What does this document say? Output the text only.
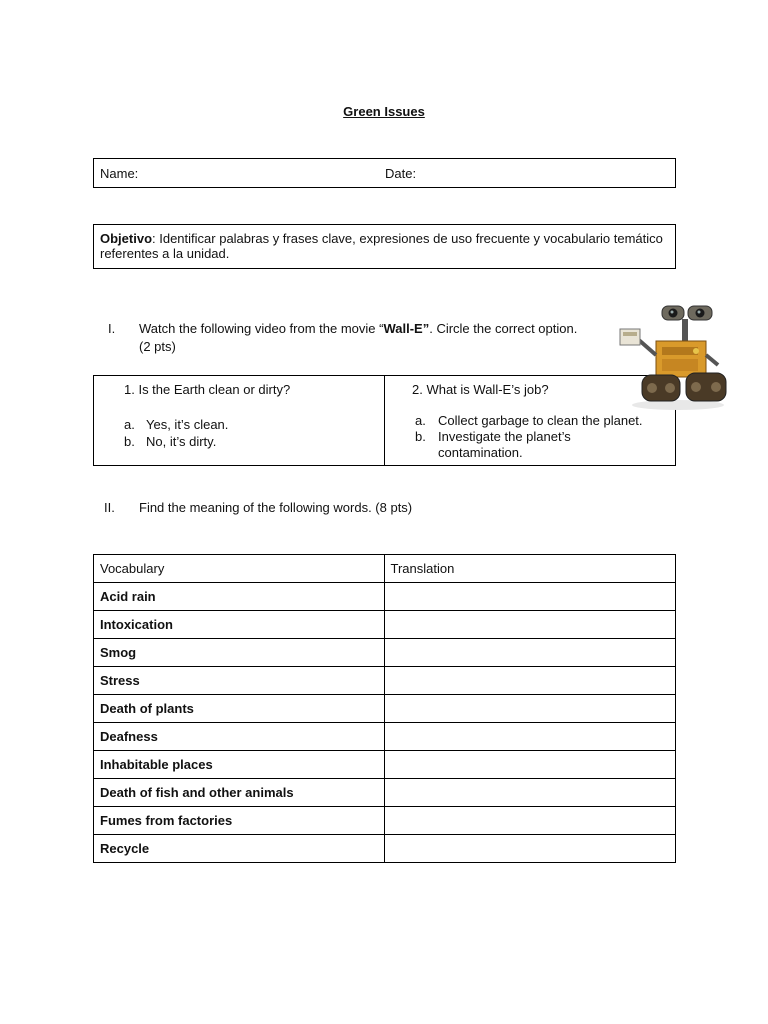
Green Issues
Name:	Date:
Objetivo: Identificar palabras y frases clave, expresiones de uso frecuente y vocabulario temático referentes a la unidad.
I. Watch the following video from the movie “Wall-E”. Circle the correct option.
(2 pts)
1. Is the Earth clean or dirty?
a. Yes, it’s clean.
b. No, it’s dirty.
2. What is Wall-E’s job?
a. Collect garbage to clean the planet.
b. Investigate the planet’s
contamination.
II. Find the meaning of the following words. (8 pts)
Vocabulary	Translation
Acid rain	
Intoxication	
Smog	
Stress	
Death of plants	
Deafness	
Inhabitable places	
Death of fish and other animals	
Fumes from factories	
Recycle	
